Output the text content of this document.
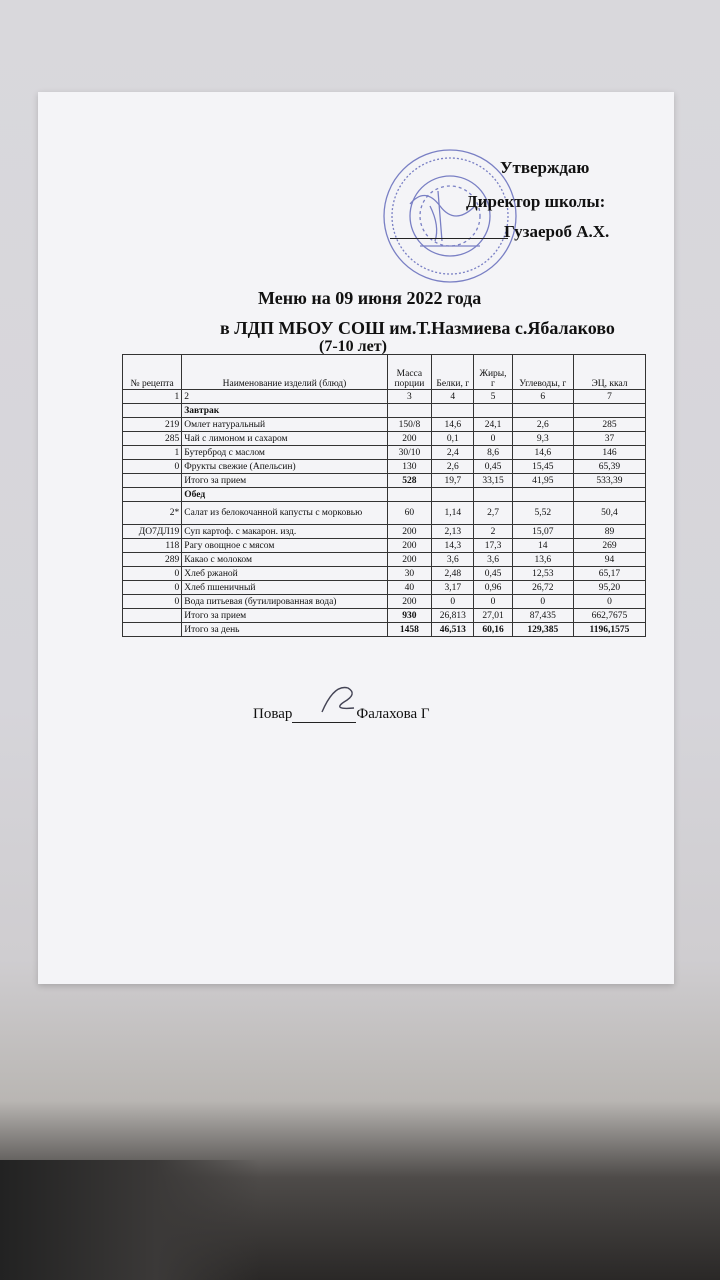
Утверждаю
Директор школы:
Гузаероб А.Х.
Меню на 09 июня 2022 года
в ЛДП МБОУ СОШ им.Т.Назмиева с.Ябалаково
(7-10 лет)
№ рецепта	Наименование изделий (блюд)	Масса порции	Белки, г	Жиры, г	Углеводы, г	ЭЦ, ккал
1	2	3	4	5	6	7
	Завтрак					
219	Омлет натуральный	150/8	14,6	24,1	2,6	285
285	Чай с лимоном и сахаром	200	0,1	0	9,3	37
1	Бутерброд с маслом	30/10	2,4	8,6	14,6	146
0	Фрукты свежие (Апельсин)	130	2,6	0,45	15,45	65,39
	Итого за прием	528	19,7	33,15	41,95	533,39
	Обед					
2*	Салат из белокочанной капусты с морковью	60	1,14	2,7	5,52	50,4
ДО7ДЛ19	Суп картоф. с макарон. изд.	200	2,13	2	15,07	89
118	Рагу овощное с мясом	200	14,3	17,3	14	269
289	Какао с молоком	200	3,6	3,6	13,6	94
0	Хлеб ржаной	30	2,48	0,45	12,53	65,17
0	Хлеб пшеничный	40	3,17	0,96	26,72	95,20
0	Вода питьевая (бутилированная вода)	200	0	0	0	0
	Итого за прием	930	26,813	27,01	87,435	662,7675
	Итого за день	1458	46,513	60,16	129,385	1196,1575
Повар	Фалахова Г
